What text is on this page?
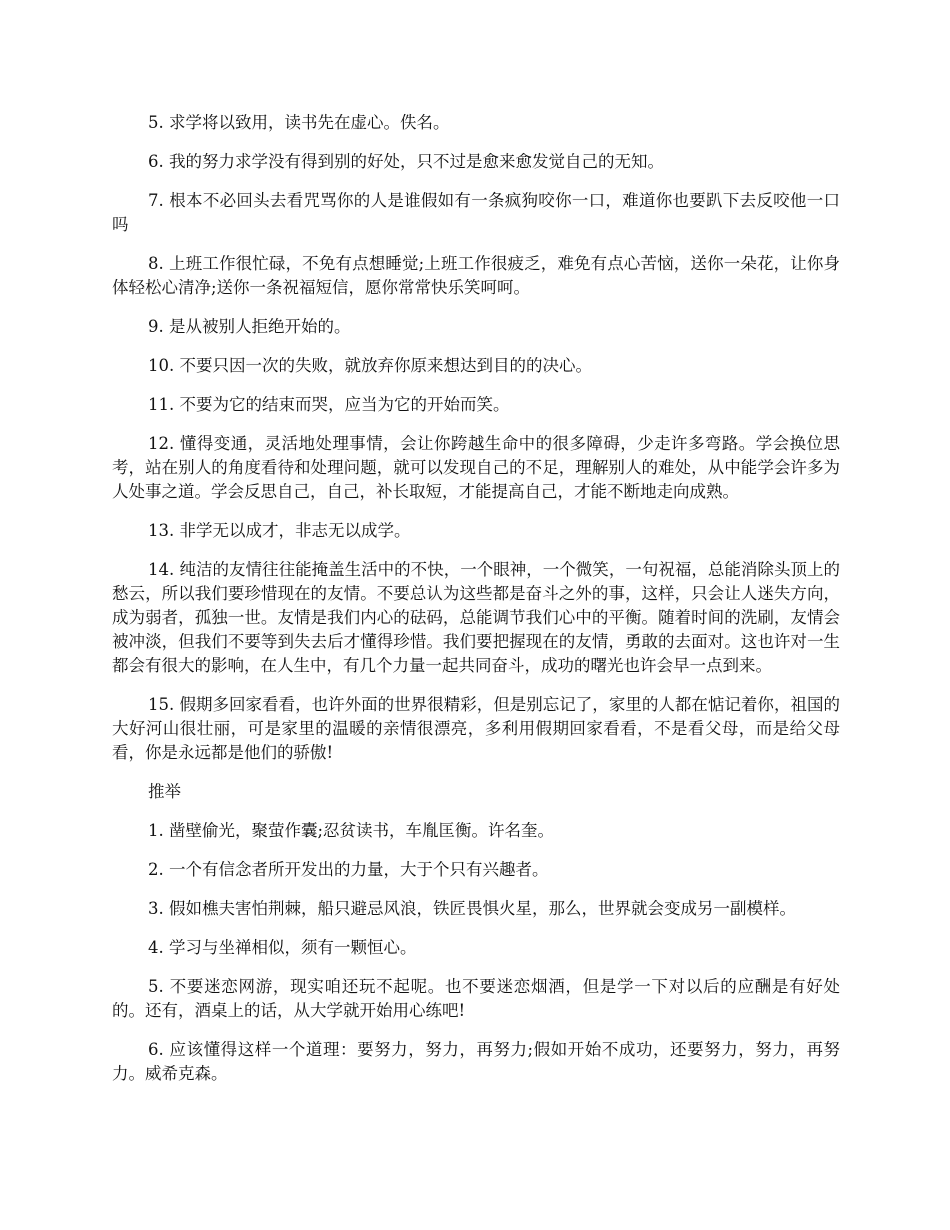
5. 求学将以致用，读书先在虚心。佚名。

6. 我的努力求学没有得到别的好处，只不过是愈来愈发觉自己的无知。

7. 根本不必回头去看咒骂你的人是谁假如有一条疯狗咬你一口，难道你也要趴下去反咬他一口吗

8. 上班工作很忙碌，不免有点想睡觉;上班工作很疲乏，难免有点心苦恼，送你一朵花，让你身体轻松心清净;送你一条祝福短信，愿你常常快乐笑呵呵。

9. 是从被别人拒绝开始的。

10. 不要只因一次的失败，就放弃你原来想达到目的的决心。

11. 不要为它的结束而哭，应当为它的开始而笑。

12. 懂得变通，灵活地处理事情，会让你跨越生命中的很多障碍，少走许多弯路。学会换位思考，站在别人的角度看待和处理问题，就可以发现自己的不足，理解别人的难处，从中能学会许多为人处事之道。学会反思自己，自己，补长取短，才能提高自己，才能不断地走向成熟。

13. 非学无以成才，非志无以成学。

14. 纯洁的友情往往能掩盖生活中的不快，一个眼神，一个微笑，一句祝福，总能消除头顶上的愁云，所以我们要珍惜现在的友情。不要总认为这些都是奋斗之外的事，这样，只会让人迷失方向，成为弱者，孤独一世。友情是我们内心的砝码，总能调节我们心中的平衡。随着时间的洗刷，友情会被冲淡，但我们不要等到失去后才懂得珍惜。我们要把握现在的友情，勇敢的去面对。这也许对一生都会有很大的影响，在人生中，有几个力量一起共同奋斗，成功的曙光也许会早一点到来。

15. 假期多回家看看，也许外面的世界很精彩，但是别忘记了，家里的人都在惦记着你，祖国的大好河山很壮丽，可是家里的温暖的亲情很漂亮，多利用假期回家看看，不是看父母，而是给父母看，你是永远都是他们的骄傲!

推举

1. 凿壁偷光，聚萤作囊;忍贫读书，车胤匡衡。许名奎。

2. 一个有信念者所开发出的力量，大于个只有兴趣者。

3. 假如樵夫害怕荆棘，船只避忌风浪，铁匠畏惧火星，那么，世界就会变成另一副模样。

4. 学习与坐禅相似，须有一颗恒心。

5. 不要迷恋网游，现实咱还玩不起呢。也不要迷恋烟酒，但是学一下对以后的应酬是有好处的。还有，酒桌上的话，从大学就开始用心练吧!

6. 应该懂得这样一个道理：要努力，努力，再努力;假如开始不成功，还要努力，努力，再努力。威希克森。
